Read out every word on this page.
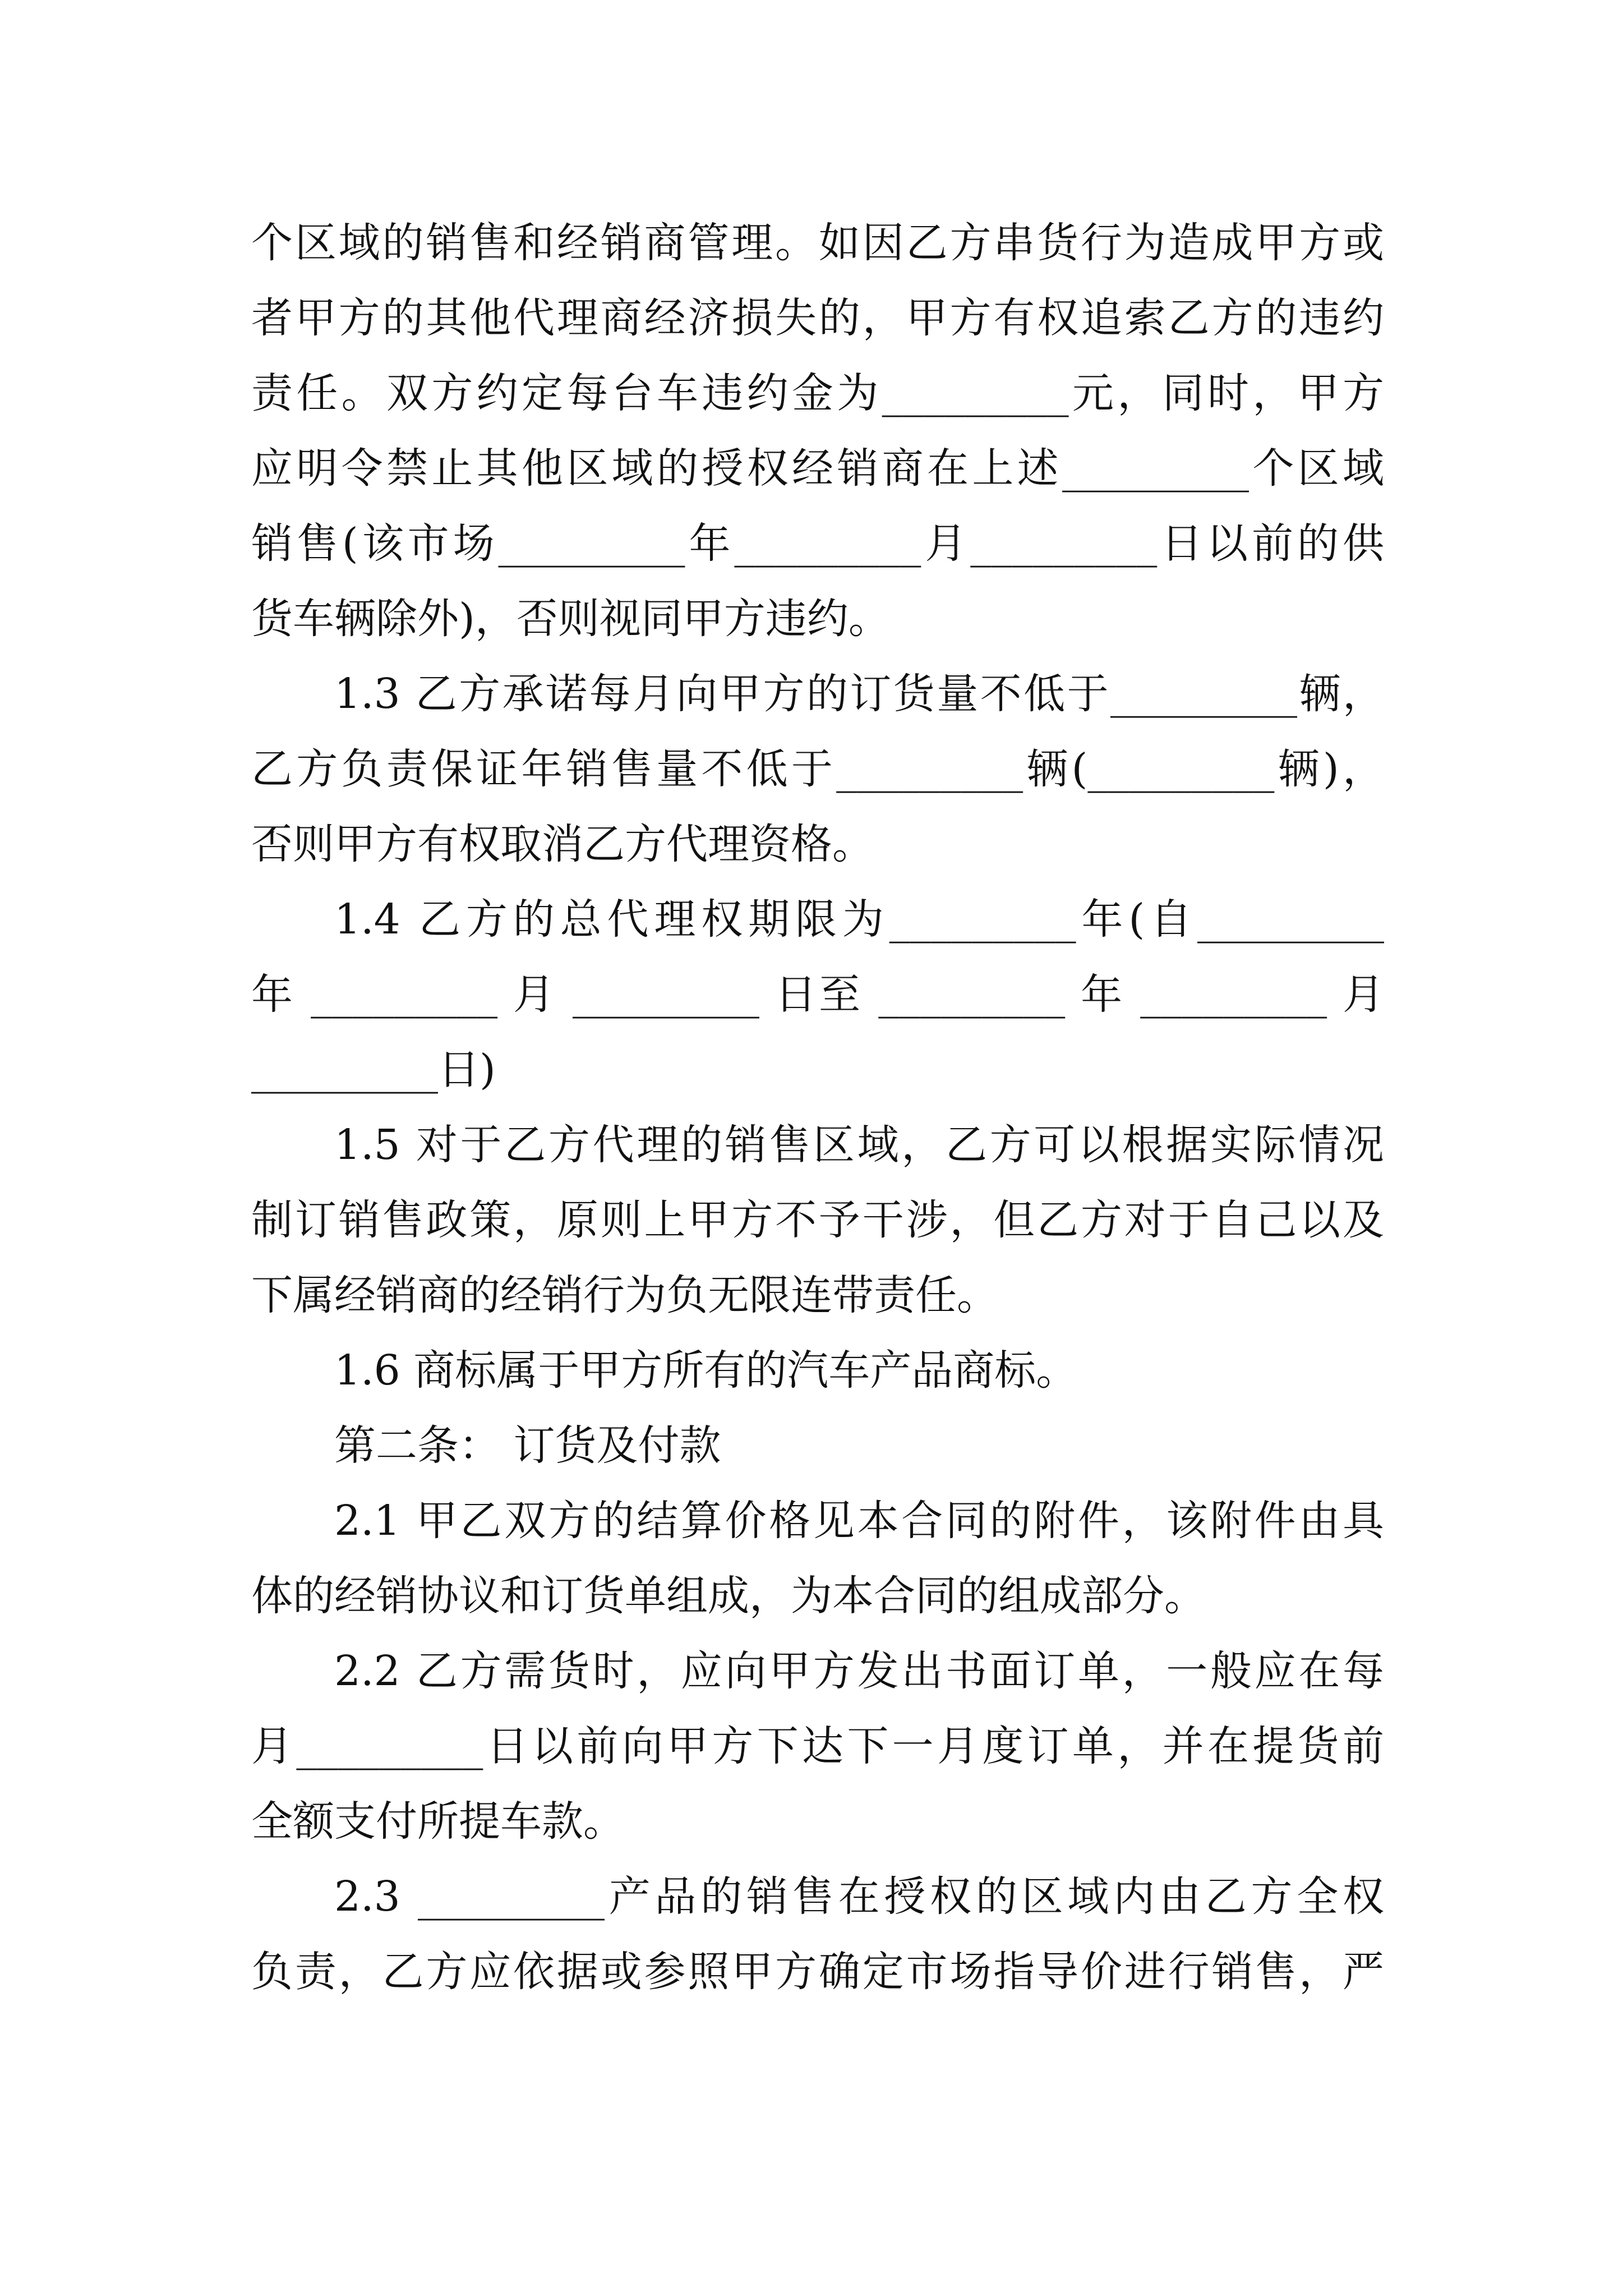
个区域的销售和经销商管理。如因乙方串货行为造成甲方或
者甲方的其他代理商经济损失的，甲方有权追索乙方的违约
责任。双方约定每台车违约金为_________元，同时，甲方
应明令禁止其他区域的授权经销商在上述_________个区域
销售(该市场_________年_________月_________日以前的供
货车辆除外)，否则视同甲方违约。
1.3 乙方承诺每月向甲方的订货量不低于_________辆，
乙方负责保证年销售量不低于_________辆(_________辆)，
否则甲方有权取消乙方代理资格。
1.4 乙方的总代理权期限为_________年(自_________
年 _________ 月 _________ 日至 _________ 年 _________ 月
_________日)
1.5 对于乙方代理的销售区域，乙方可以根据实际情况
制订销售政策，原则上甲方不予干涉，但乙方对于自己以及
下属经销商的经销行为负无限连带责任。
1.6 商标属于甲方所有的汽车产品商标。
第二条： 订货及付款
2.1 甲乙双方的结算价格见本合同的附件，该附件由具
体的经销协议和订货单组成，为本合同的组成部分。
2.2 乙方需货时，应向甲方发出书面订单，一般应在每
月_________日以前向甲方下达下一月度订单，并在提货前
全额支付所提车款。
2.3 _________产品的销售在授权的区域内由乙方全权
负责，乙方应依据或参照甲方确定市场指导价进行销售，严
